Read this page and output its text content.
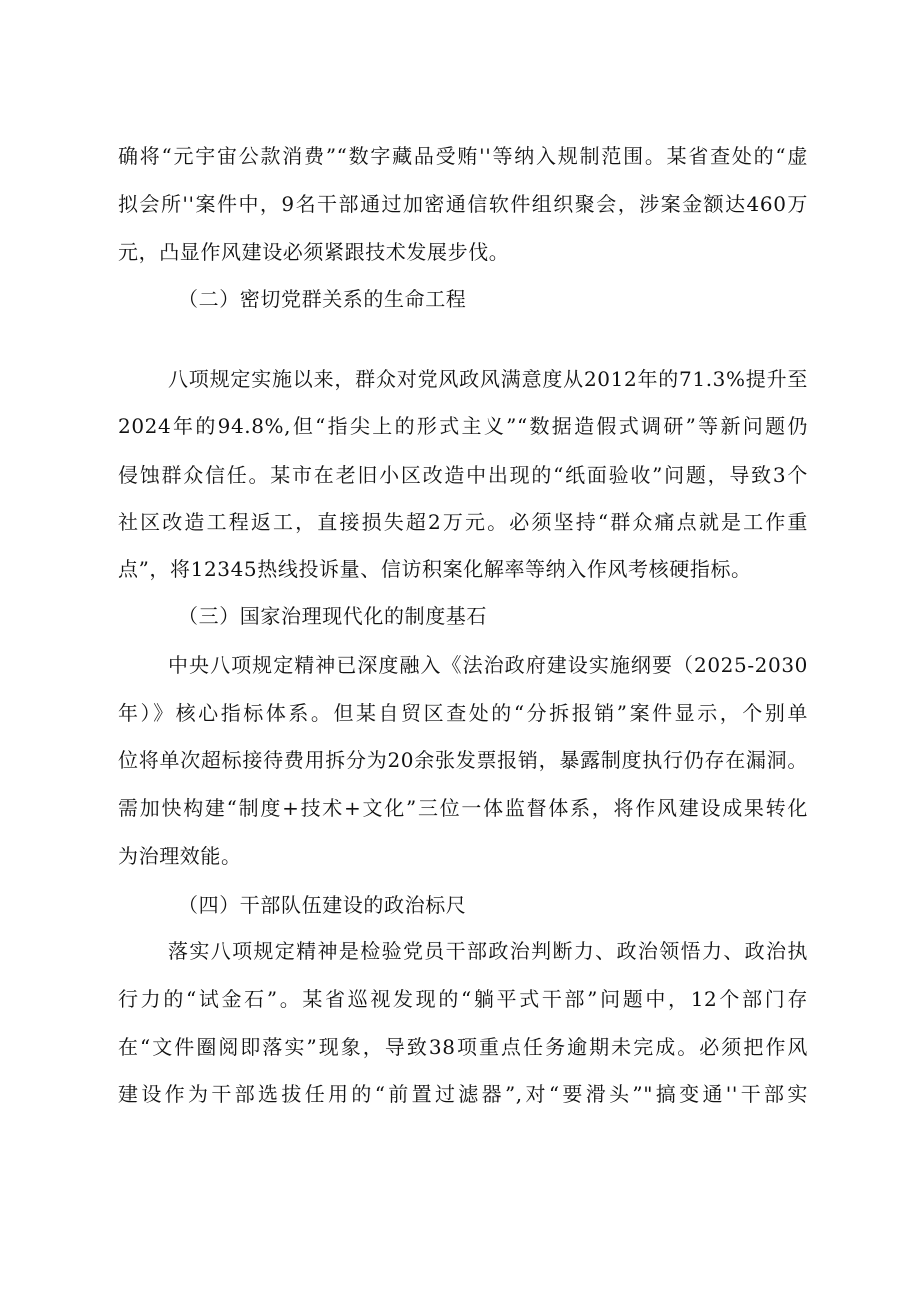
确将“元宇宙公款消费”“数字藏品受贿''等纳入规制范围。某省查处的“虚

拟会所''案件中，9名干部通过加密通信软件组织聚会，涉案金额达460万

元，凸显作风建设必须紧跟技术发展步伐。

（二）密切党群关系的生命工程

八项规定实施以来，群众对党风政风满意度从2012年的71.3%提升至

2024年的94.8%,但“指尖上的形式主义”“数据造假式调研”等新问题仍

侵蚀群众信任。某市在老旧小区改造中出现的“纸面验收”问题，导致3个

社区改造工程返工，直接损失超2万元。必须坚持“群众痛点就是工作重

点”，将12345热线投诉量、信访积案化解率等纳入作风考核硬指标。

（三）国家治理现代化的制度基石

中央八项规定精神已深度融入《法治政府建设实施纲要（2025-2030

年）》核心指标体系。但某自贸区查处的“分拆报销”案件显示，个别单

位将单次超标接待费用拆分为20余张发票报销，暴露制度执行仍存在漏洞。

需加快构建“制度+技术+文化”三位一体监督体系，将作风建设成果转化

为治理效能。

（四）干部队伍建设的政治标尺

落实八项规定精神是检验党员干部政治判断力、政治领悟力、政治执

行力的“试金石”。某省巡视发现的“躺平式干部”问题中，12个部门存

在“文件圈阅即落实”现象，导致38项重点任务逾期未完成。必须把作风

建设作为干部选拔任用的“前置过滤器”,对“要滑头”"搞变通''干部实
